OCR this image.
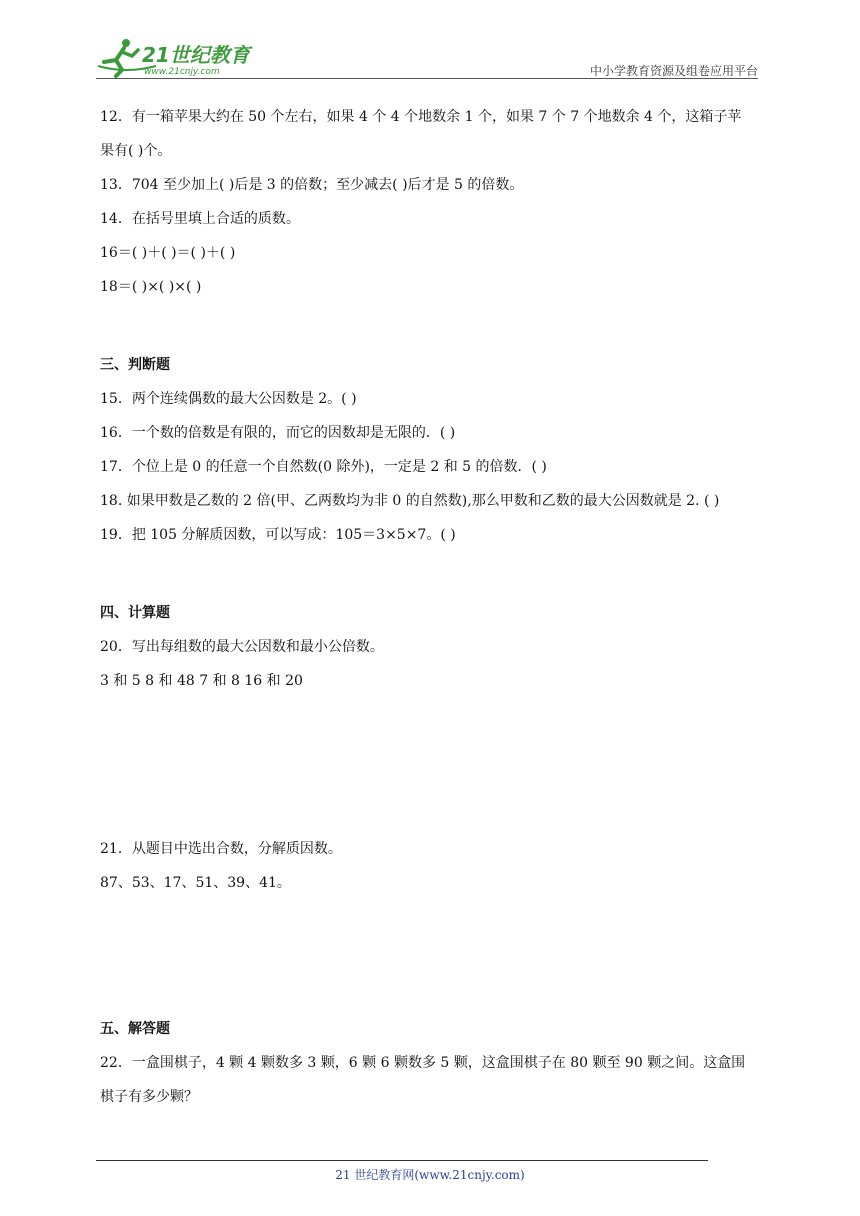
21世纪教育
www.21cnjy.com	中小学教育资源及组卷应用平台
12．有一箱苹果大约在 50 个左右，如果 4 个 4 个地数余 1 个，如果 7 个 7 个地数余 4 个，这箱子苹
果有( )个。
13．704 至少加上( )后是 3 的倍数；至少减去( )后才是 5 的倍数。
14．在括号里填上合适的质数。
16＝( )＋( )＝( )＋( )
18＝( )×( )×( )
三、判断题
15．两个连续偶数的最大公因数是 2。( )
16．一个数的倍数是有限的，而它的因数却是无限的．( )
17．个位上是 0 的任意一个自然数(0 除外)，一定是 2 和 5 的倍数．( )
18. 如果甲数是乙数的 2 倍(甲、乙两数均为非 0 的自然数),那么甲数和乙数的最大公因数就是 2. ( )
19．把 105 分解质因数，可以写成：105＝3×5×7。( )
四、计算题
20．写出每组数的最大公因数和最小公倍数。
3 和 5 8 和 48 7 和 8 16 和 20
21．从题目中选出合数，分解质因数。
87、53、17、51、39、41。
五、解答题
22．一盒围棋子，4 颗 4 颗数多 3 颗，6 颗 6 颗数多 5 颗，这盒围棋子在 80 颗至 90 颗之间。这盒围
棋子有多少颗？
21 世纪教育网(www.21cnjy.com)
